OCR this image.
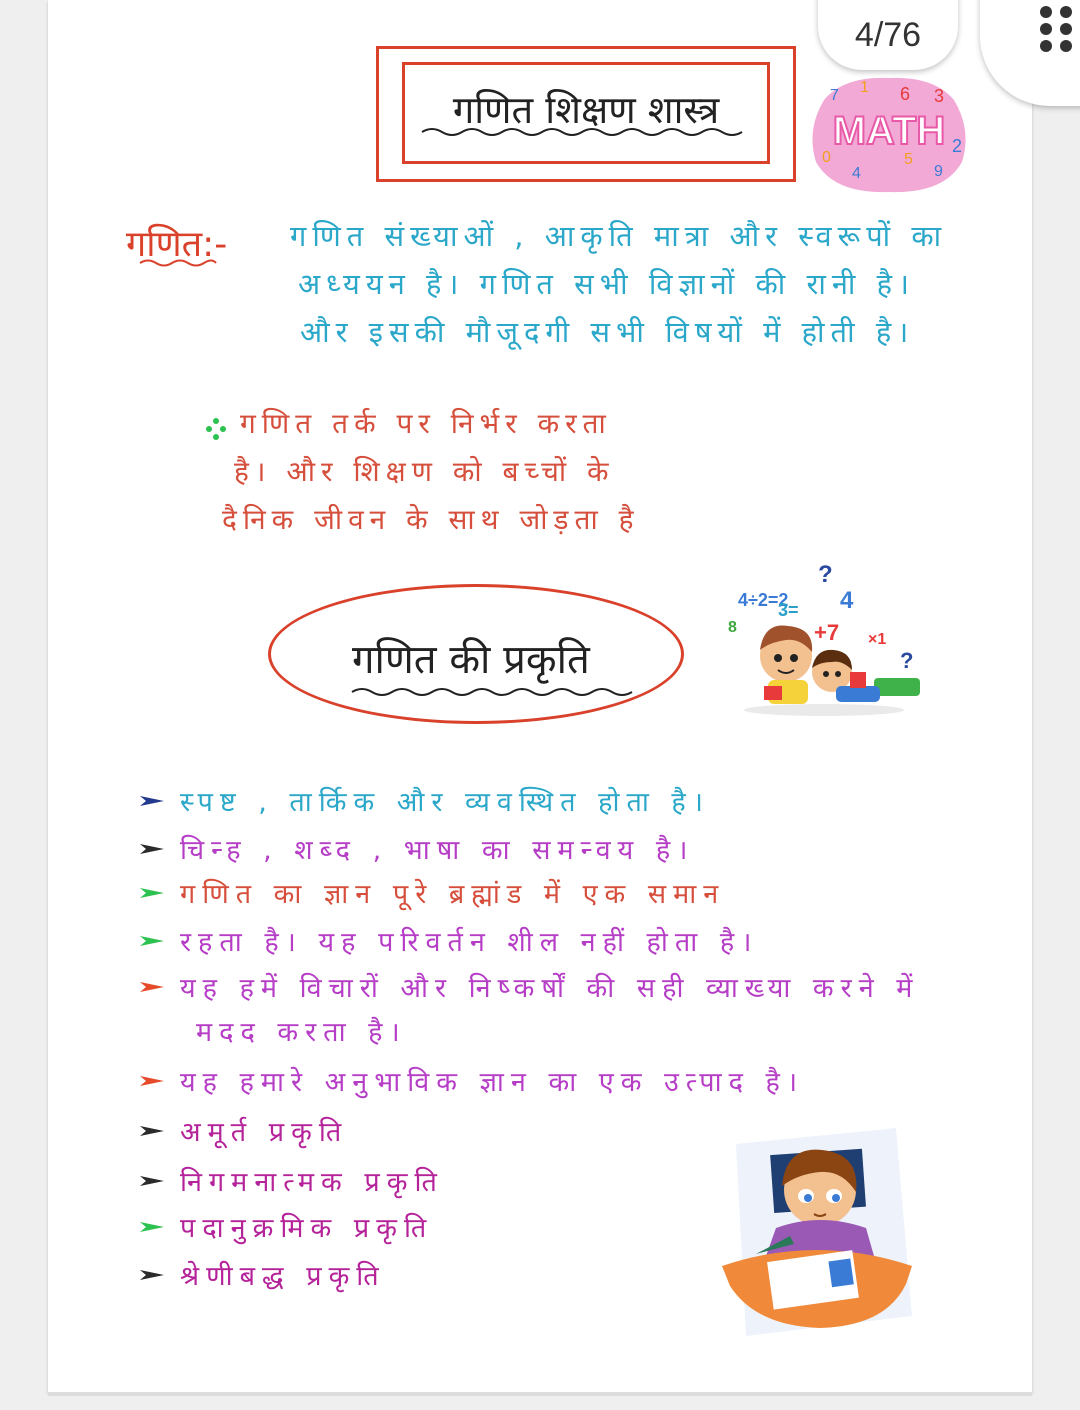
4/76
गणित शिक्षण शास्त्र	MATH
7 1 6 3
2
0
9
4
5
गणित:- गणित संख्याओं , आकृति मात्रा और स्वरूपों का
अध्ययन है। गणित सभी विज्ञानों की रानी है।
और इसकी मौजूदगी सभी विषयों में होती है।
गणित तर्क पर निर्भर करता
है। और शिक्षण को बच्चों के
दैनिक जीवन के साथ जोड़ता है
4÷2=2
?
3= 4
+7 ×1
8
?
गणित की प्रकृति
स्पष्ट , तार्किक और व्यवस्थित होता है।
चिन्ह , शब्द , भाषा का समन्वय है।
गणित का ज्ञान पूरे ब्रह्मांड में एक समान
रहता है। यह परिवर्तन शील नहीं होता है।
यह हमें विचारों और निष्कर्षों की सही व्याख्या करने में
मदद करता है।
यह हमारे अनुभाविक ज्ञान का एक उत्पाद है।
अमूर्त प्रकृति
निगमनात्मक प्रकृति
पदानुक्रमिक प्रकृति
श्रेणीबद्ध प्रकृति
